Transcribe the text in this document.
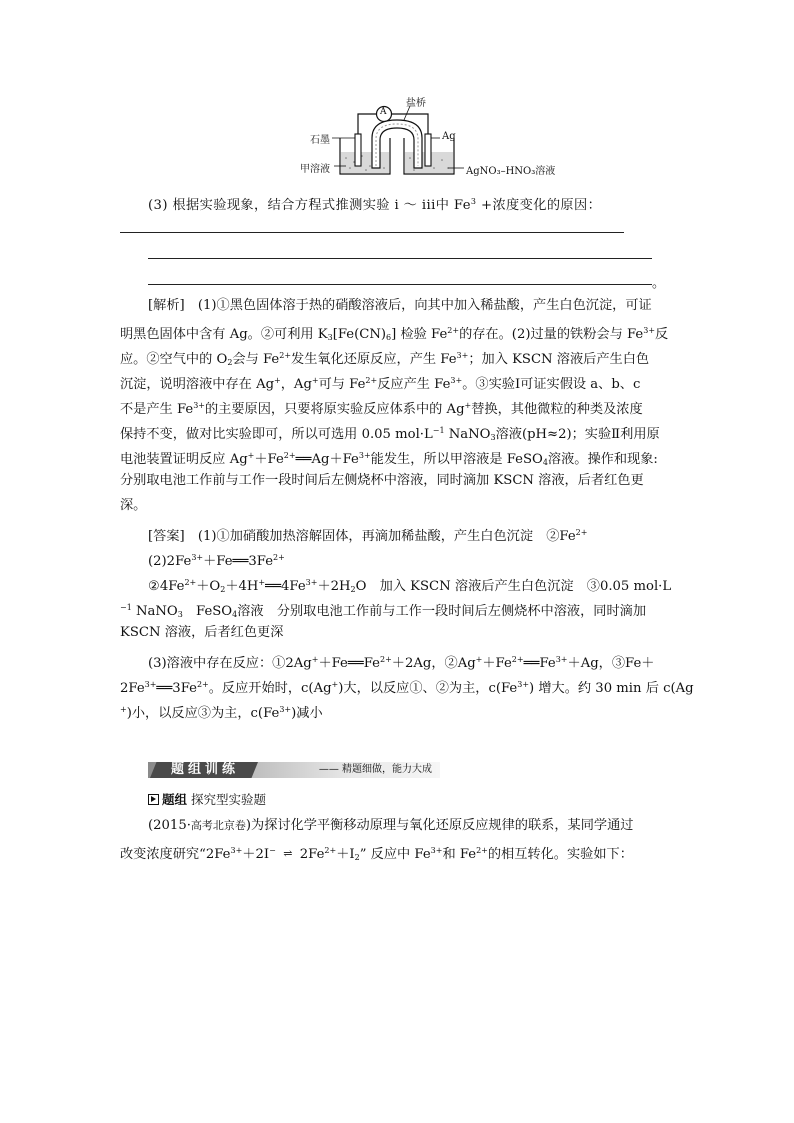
A
盐桥
石墨	Ag
甲溶液	AgNO₃–HNO₃溶液
(3) 根据实验现象，结合方程式推测实验 i ～ iii中 $Fe^3$ +浓度变化的原因：
。
[解析]　 (1)①黑色固体溶于热的硝酸溶液后，向其中加入稀盐酸，产生白色沉淀，可证
明黑色固体中含有 Ag。②可利用 $K_3[Fe(CN)_6]$ 检验 $Fe^{2+}$的存在。(2)过量的铁粉会与 $Fe^{3+}$反
应。②空气中的 $O_2$会与 $Fe^{2+}$发生氧化还原反应，产生 $Fe^{3+}$；加入 KSCN 溶液后产生白色
沉淀，说明溶液中存在 Ag+，Ag+可与 $Fe^{2+}$反应产生 $Fe^{3+}$。③实验Ⅰ可证实假设 a、b、c
不是产生 $Fe^{3+}$的主要原因，只要将原实验反应体系中的 Ag+替换，其他微粒的种类及浓度
保持不变，做对比实验即可，所以可选用 0.05 $mol\cdot L^{-1}$ NaNO$_3$溶液(pH≈2)；实验Ⅱ利用原
电池装置证明反应 $Ag^++Fe^{2+}══Ag+Fe^{3+}$能发生，所以甲溶液是 FeSO$_4$溶液。操作和现象:
分别取电池工作前与工作一段时间后左侧烧杯中溶液，同时滴加 KSCN 溶液，后者红色更
深。
[答案]　 (1)①加硝酸加热溶解固体，再滴加稀盐酸，产生白色沉淀　$②Fe^{2+}$
$(2)2Fe^{3+}+Fe══3Fe^{2+}$
$②4Fe^{2+}+O_2+4H^+══4Fe^{3+}+2H_2O$　加入 KSCN 溶液后产生白色沉淀　③0.05 mol·L
$^{-1}$ NaNO$_3$　FeSO$_4$溶液　分别取电池工作前与工作一段时间后左侧烧杯中溶液，同时滴加
KSCN 溶液，后者红色更深
(3)溶液中存在反应：$①2Ag^++Fe══Fe^{2+}+2Ag$，$②Ag^++Fe^{2+}══Fe^{3+}+Ag$，③Fe＋
$2Fe^{3+}══3Fe^{2+}$。反应开始时，c(Ag+)大，以反应①、②为主，$c(Fe^{3+})$ 增大。约 30 min 后 c(Ag
+)小，以反应③为主，$c(Fe^{3+})$减小
题组训练	—— 精题细做，能力大成
题组 探究型实验题
(2015·高考北京卷)为探讨化学平衡移动原理与氧化还原反应规律的联系，某同学通过
改变浓度研究“$2Fe^{3+}+2I^-$ ⇌ $2Fe^{2+}+I_2$” 反应中 $Fe^{3+}$和 $Fe^{2+}$的相互转化。实验如下：
